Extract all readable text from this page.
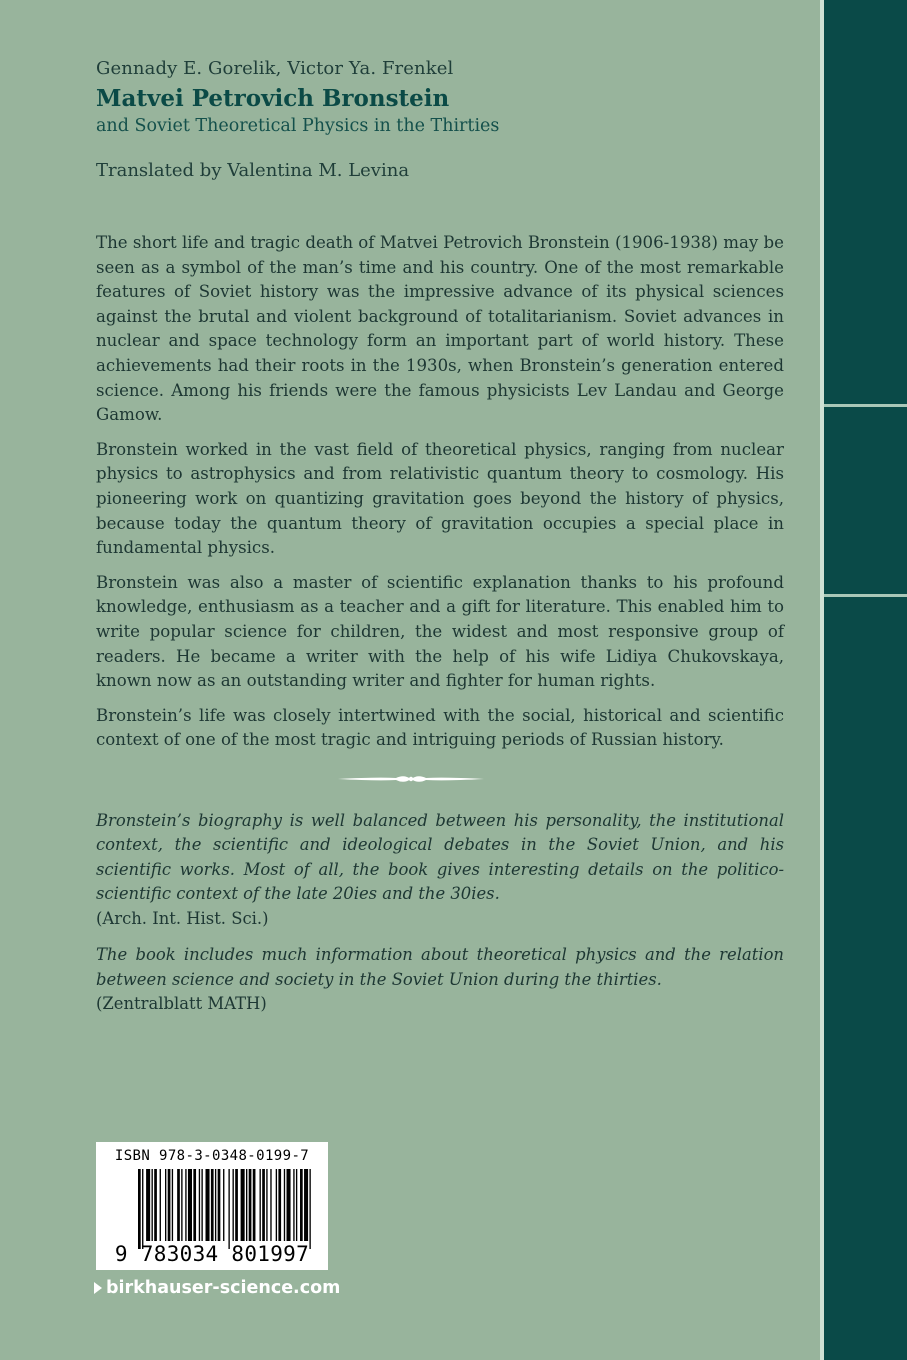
Gennady E. Gorelik, Victor Ya. Frenkel
Matvei Petrovich Bronstein
and Soviet Theoretical Physics in the Thirties
Translated by Valentina M. Levina

The short life and tragic death of Matvei Petrovich Bronstein (1906-1938) may be seen as a symbol of the man’s time and his country. One of the most remarkable features of Soviet history was the impressive advance of its physical sciences against the brutal and violent background of totalitarianism. Soviet advances in nuclear and space technology form an important part of world history. These achievements had their roots in the 1930s, when Bronstein’s generation entered science. Among his friends were the famous physicists Lev Landau and George Gamow.

Bronstein worked in the vast field of theoretical physics, ranging from nuclear physics to astrophysics and from relativistic quantum theory to cosmology. His pioneering work on quantizing gravitation goes beyond the history of physics, because today the quantum theory of gravitation occupies a special place in fundamental physics.

Bronstein was also a master of scientific explanation thanks to his profound knowledge, enthusiasm as a teacher and a gift for literature. This enabled him to write popular science for children, the widest and most responsive group of readers. He became a writer with the help of his wife Lidiya Chukovskaya, known now as an outstanding writer and fighter for human rights.

Bronstein’s life was closely intertwined with the social, historical and scientific context of one of the most tragic and intriguing periods of Russian history.

Bronstein’s biography is well balanced between his personality, the institutional context, the scientific and ideological debates in the Soviet Union, and his scientific works. Most of all, the book gives interesting details on the politico-scientific context of the late 20ies and the 30ies.

(Arch. Int. Hist. Sci.)

The book includes much information about theoretical physics and the relation between science and society in the Soviet Union during the thirties.

(Zentralblatt MATH)

ISBN 978-3-0348-0199-7
9 783034 801997
birkhauser-science.com
